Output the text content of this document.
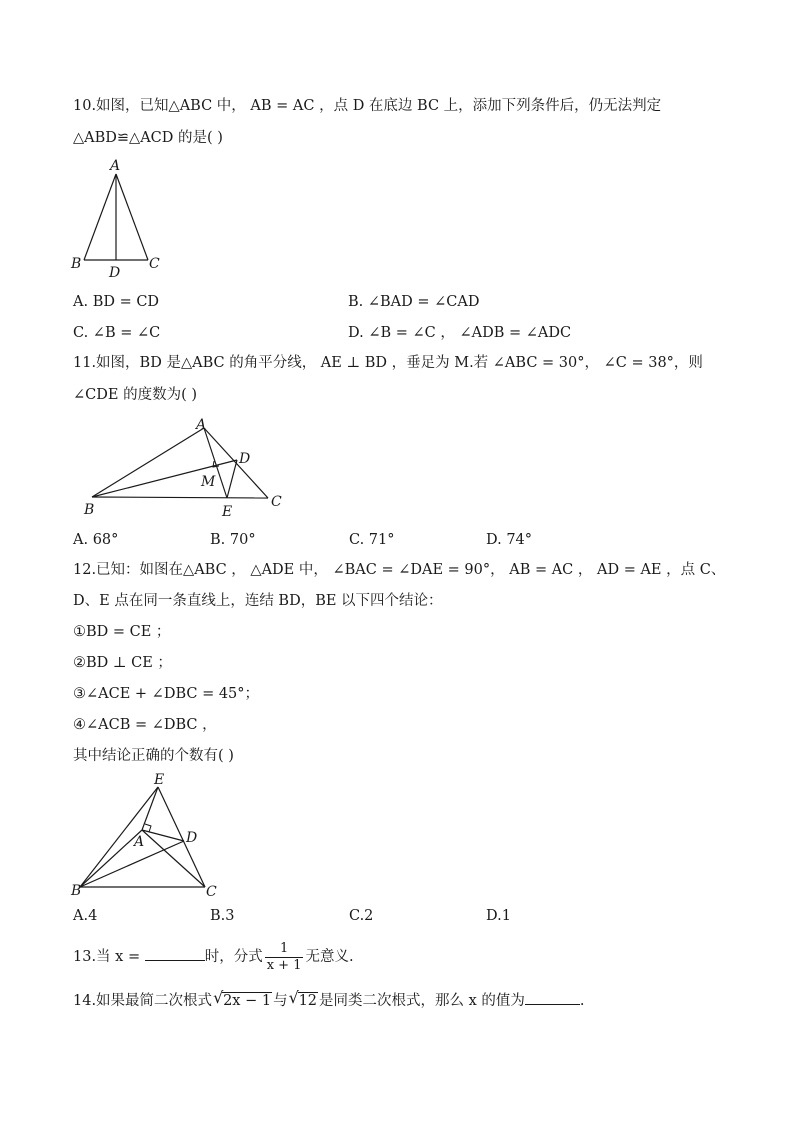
10.如图，已知△ABC 中， AB = AC ，点 D 在底边 BC 上，添加下列条件后，仍无法判定
△ABD≌△ACD 的是( )
A
B
D
C
A. BD = CD	B. ∠BAD = ∠CAD
C. ∠B = ∠C	D. ∠B = ∠C ， ∠ADB = ∠ADC
11.如图，BD 是△ABC 的角平分线， AE ⊥ BD ，垂足为 M.若 ∠ABC = 30°， ∠C = 38°，则
∠CDE 的度数为( )
A
D
M
B	E
C
A. 68°	B. 70°	C. 71°	D. 74°
12.已知：如图在△ABC ， △ADE 中， ∠BAC = ∠DAE = 90°， AB = AC ， AD = AE ，点 C、
D、E 点在同一条直线上，连结 BD，BE 以下四个结论：
①BD = CE ；
②BD ⊥ CE ；
③∠ACE + ∠DBC = 45°；
④∠ACB = ∠DBC ，
其中结论正确的个数有( )
E
A	D
B	C
A.4	B.3	C.2	D.1
13.当 x =	时，分式 $\frac{1}{x + 1}$ 无意义.
14.如果最简二次根式 √ 2x − 1 与 √ 12 是同类二次根式，那么 x 的值为	.
